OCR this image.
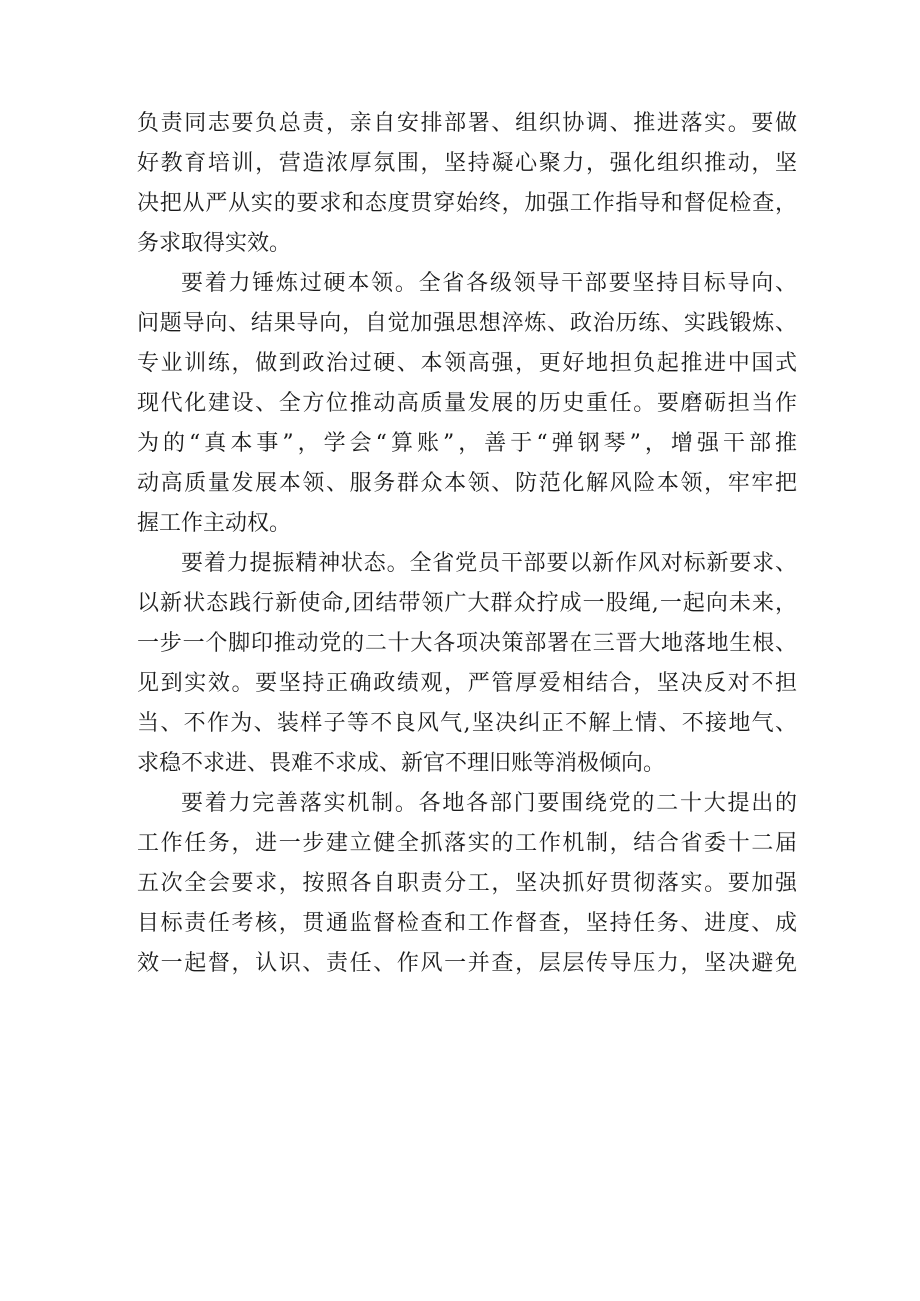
负责同志要负总责，亲自安排部署、组织协调、推进落实。要做
好教育培训，营造浓厚氛围，坚持凝心聚力，强化组织推动，坚
决把从严从实的要求和态度贯穿始终，加强工作指导和督促检查，
务求取得实效。
要着力锤炼过硬本领。全省各级领导干部要坚持目标导向、
问题导向、结果导向，自觉加强思想淬炼、政治历练、实践锻炼、
专业训练，做到政治过硬、本领高强，更好地担负起推进中国式
现代化建设、全方位推动高质量发展的历史重任。要磨砺担当作
为的“真本事”，学会“算账”，善于“弹钢琴”，增强干部推
动高质量发展本领、服务群众本领、防范化解风险本领，牢牢把
握工作主动权。
要着力提振精神状态。全省党员干部要以新作风对标新要求、
以新状态践行新使命,团结带领广大群众拧成一股绳,一起向未来，
一步一个脚印推动党的二十大各项决策部署在三晋大地落地生根、
见到实效。要坚持正确政绩观，严管厚爱相结合，坚决反对不担
当、不作为、装样子等不良风气,坚决纠正不解上情、不接地气、
求稳不求进、畏难不求成、新官不理旧账等消极倾向。
要着力完善落实机制。各地各部门要围绕党的二十大提出的
工作任务，进一步建立健全抓落实的工作机制，结合省委十二届
五次全会要求，按照各自职责分工，坚决抓好贯彻落实。要加强
目标责任考核，贯通监督检查和工作督查，坚持任务、进度、成
效一起督，认识、责任、作风一并查，层层传导压力，坚决避免
